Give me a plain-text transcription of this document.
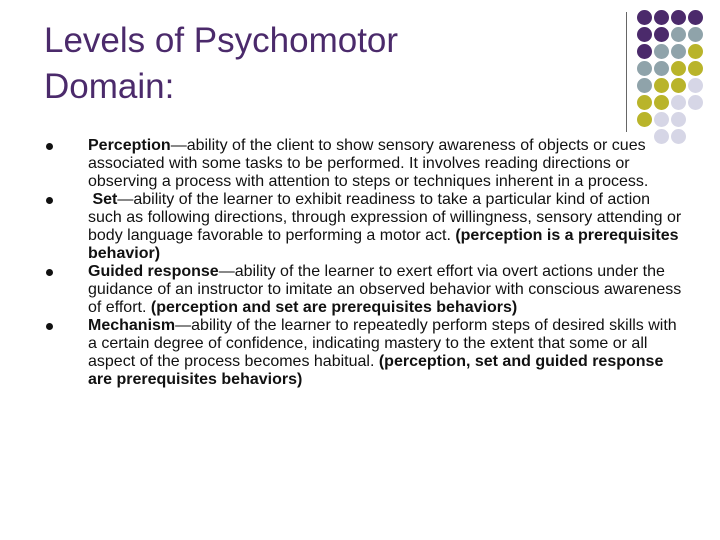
Levels of Psychomotor
Domain:
Perception—ability of the client to show sensory awareness of objects or cues associated with some tasks to be performed. It involves reading directions or observing a process with attention to steps or techniques inherent in a process.
Set—ability of the learner to exhibit readiness to take a particular kind of action such as following directions, through expression of willingness, sensory attending or body language favorable to performing a motor act. (perception is a prerequisites behavior)
Guided response—ability of the learner to exert effort via overt actions under the guidance of an instructor to imitate an observed behavior with conscious awareness of effort. (perception and set are prerequisites behaviors)
Mechanism—ability of the learner to repeatedly perform steps of desired skills with a certain degree of confidence, indicating mastery to the extent that some or all aspect of the process becomes habitual. (perception, set and guided response are prerequisites behaviors)
